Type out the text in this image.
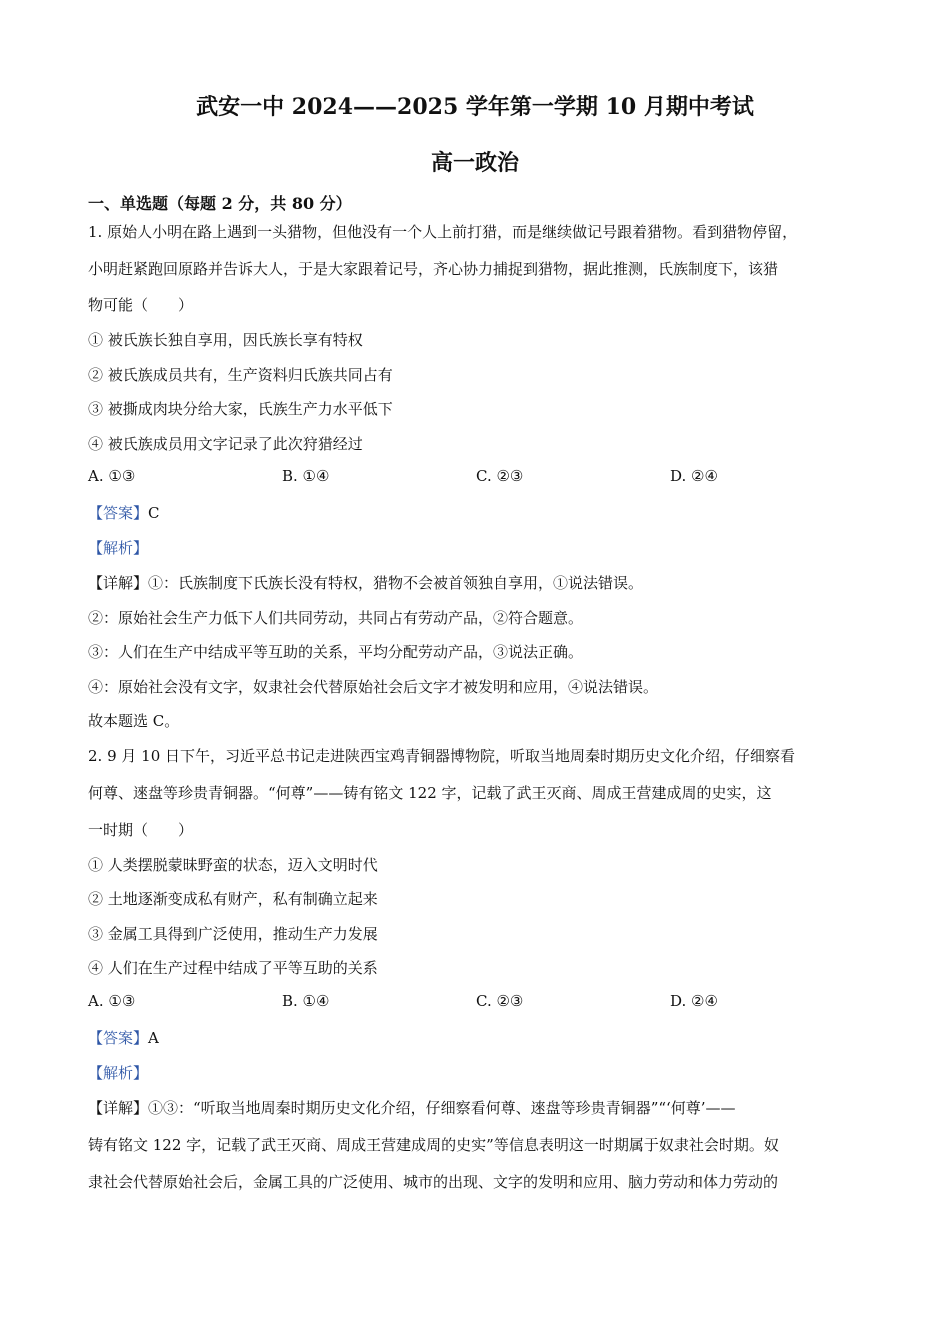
武安一中 2024——2025 学年第一学期 10 月期中考试
高一政治
一、单选题（每题 2 分，共 80 分）
1. 原始人小明在路上遇到一头猎物，但他没有一个人上前打猎，而是继续做记号跟着猎物。看到猎物停留，
小明赶紧跑回原路并告诉大人，于是大家跟着记号，齐心协力捕捉到猎物，据此推测，氏族制度下，该猎
物可能（　　）
① 被氏族长独自享用，因氏族长享有特权
② 被氏族成员共有，生产资料归氏族共同占有
③ 被撕成肉块分给大家，氏族生产力水平低下
④ 被氏族成员用文字记录了此次狩猎经过
A. ①③	B. ①④	C. ②③	D. ②④
【答案】C
【解析】
【详解】①：氏族制度下氏族长没有特权，猎物不会被首领独自享用，①说法错误。
②：原始社会生产力低下人们共同劳动，共同占有劳动产品，②符合题意。
③：人们在生产中结成平等互助的关系，平均分配劳动产品，③说法正确。
④：原始社会没有文字，奴隶社会代替原始社会后文字才被发明和应用，④说法错误。
故本题选 C。
2. 9 月 10 日下午，习近平总书记走进陕西宝鸡青铜器博物院，听取当地周秦时期历史文化介绍，仔细察看
何尊、逨盘等珍贵青铜器。“何尊”——铸有铭文 122 字，记载了武王灭商、周成王营建成周的史实，这
一时期（　　）
① 人类摆脱蒙昧野蛮的状态，迈入文明时代
② 土地逐渐变成私有财产，私有制确立起来
③ 金属工具得到广泛使用，推动生产力发展
④ 人们在生产过程中结成了平等互助的关系
A. ①③	B. ①④	C. ②③	D. ②④
【答案】A
【解析】
【详解】①③：“听取当地周秦时期历史文化介绍，仔细察看何尊、逨盘等珍贵青铜器”“‘何尊’——
铸有铭文 122 字，记载了武王灭商、周成王营建成周的史实”等信息表明这一时期属于奴隶社会时期。奴
隶社会代替原始社会后，金属工具的广泛使用、城市的出现、文字的发明和应用、脑力劳动和体力劳动的
